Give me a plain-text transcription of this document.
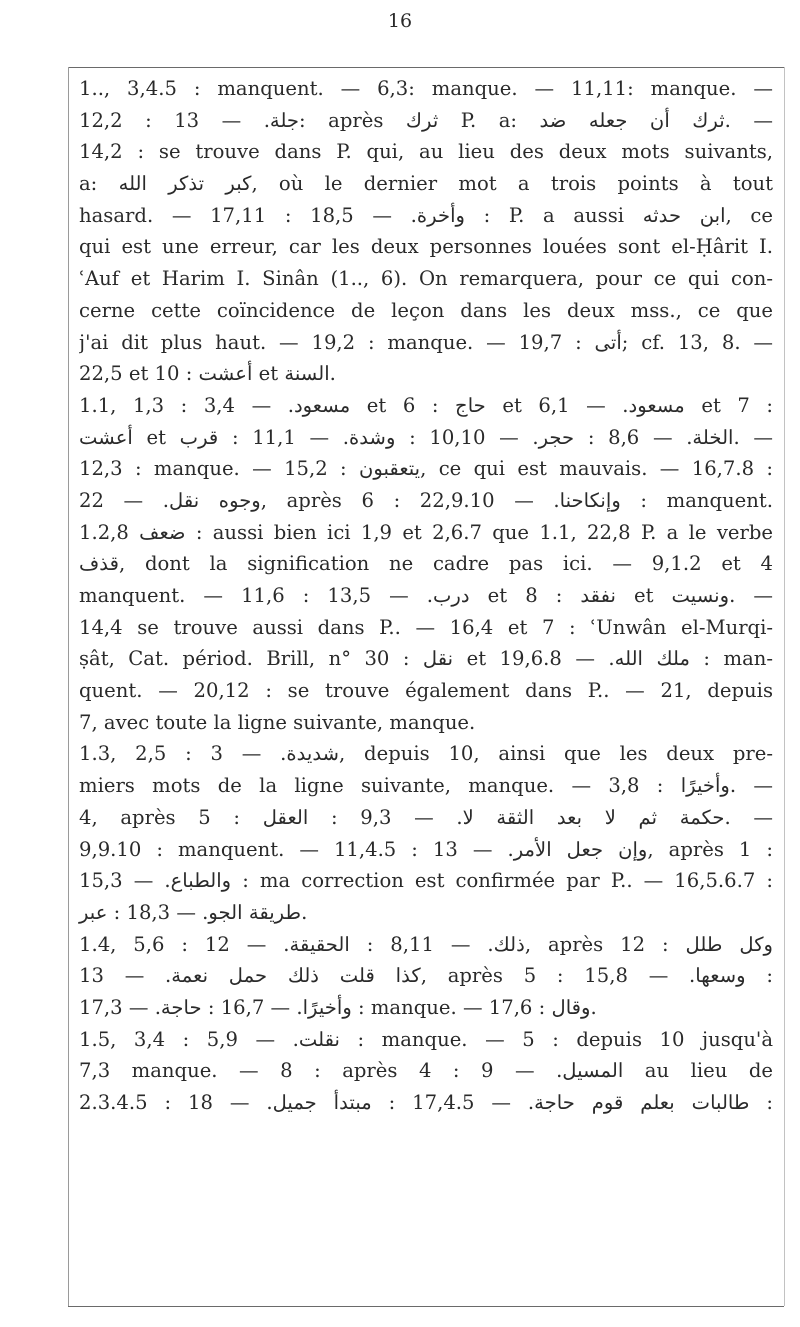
16
1.., 3,4.5 : manquent. — 6,3: manque. — 11,11: manque. —
12,2 : جلة. — 13: après ثرك P. a: ثرك أن جعله ضد. —
14,2 : se trouve dans P. qui, au lieu des deux mots suivants,
a: كبر تذكر الله, où le dernier mot a trois points à tout
hasard. — 17,11 : وأخرة. — 18,5 : P. a aussi ابن حدثه, ce
qui est une erreur, car les deux personnes louées sont el-Ḥârit I.
ʿAuf et Harim I. Sinân (1.., 6). On remarquera, pour ce qui con-
cerne cette coïncidence de leçon dans les deux mss., ce que
j'ai dit plus haut. — 19,2 : manque. — 19,7 : أتى; cf. 13, 8. —
22,5 et 10 : أعشت et السنة.
1.1, 1,3 : مسعود. — 3,4 et 6 : حاج et مسعود. — 6,1 et 7 :
أعشت et الخلة. — 8,6 : حجر. — 10,10 : وشدة. — 11,1 : قرب. —
12,3 : manque. — 15,2 : يتعقبون, ce qui est mauvais. — 16,7.8 :
وجوه نقل. — 22, après 6 : وإنكاحنا. — 22,9.10 : manquent.
1.2,8 ضعف : aussi bien ici 1,9 et 2,6.7 que 1.1, 22,8 P. a le verbe
قذف, dont la signification ne cadre pas ici. — 9,1.2 et 4
manquent. — 11,6 : درب. — 13,5 et 8 : نفقد et ونسيت. —
14,4 se trouve aussi dans P.. — 16,4 et 7 : ʿUnwân el-Murqi-
ṣât, Cat. périod. Brill, n° 30 : نقل et ملك الله. — 19,6.8 : man-
quent. — 20,12 : se trouve également dans P.. — 21, depuis
7, avec toute la ligne suivante, manque.
1.3, 2,5 : شديدة. — 3, depuis 10, ainsi que les deux pre-
miers mots de la ligne suivante, manque. — 3,8 : وأخيرًا. —
4, après 5 : حكمة ثم لا بعد الثقة لا. — 9,3 : العقل. —
9,9.10 : manquent. — 11,4.5 : وإن جعل الأمر. — 13, après 1 :
والطباع. — 15,3 : ma correction est confirmée par P.. — 16,5.6.7 :
طريقة الجو. — 18,3 : عبر.
1.4, 5,6 : ذلك. — 8,11 : الحقيقة. — 12, après 12 : وكل طلل
كذا قلت ذلك حمل نعمة. — 13, après 5 : وسعها. — 15,8 :
وأخيرًا. — 16,7 : حاجة. — 17,3 : manque. — 17,6 : وقال.
1.5, 3,4 : نقلت. — 5,9 : manque. — 5 : depuis 10 jusqu'à
7,3 manque. — 8 : après 4 : المسيل. — 9 au lieu de
2.3.4.5 : طالبات بعلم قوم حاجة. — 17,4.5 : مبتدأ جميل. — 18 :
